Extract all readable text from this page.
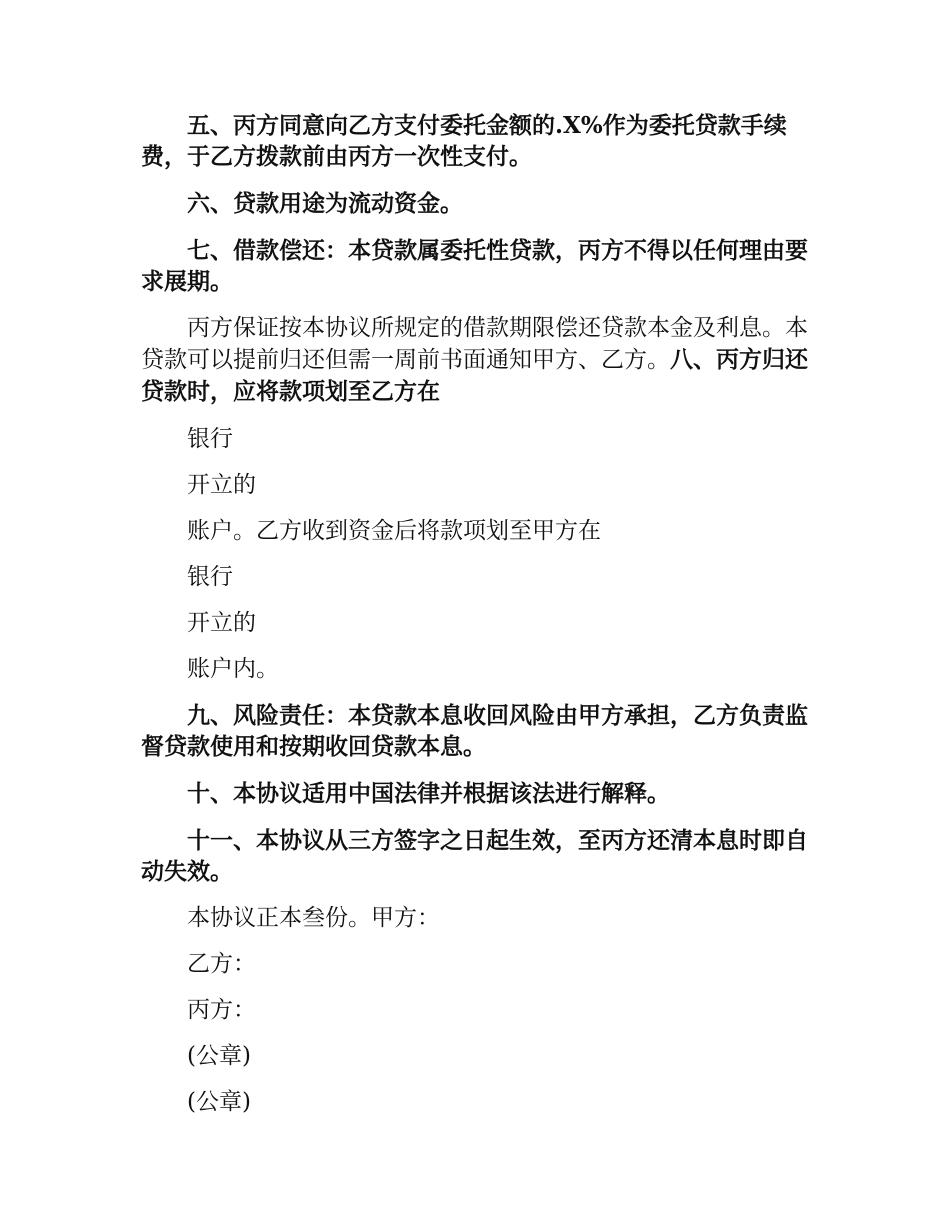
五、丙方同意向乙方支付委托金额的.X%作为委托贷款手续费，于乙方拨款前由丙方一次性支付。

六、贷款用途为流动资金。

七、借款偿还：本贷款属委托性贷款，丙方不得以任何理由要求展期。

丙方保证按本协议所规定的借款期限偿还贷款本金及利息。本贷款可以提前归还但需一周前书面通知甲方、乙方。八、丙方归还贷款时，应将款项划至乙方在

银行

开立的

账户。乙方收到资金后将款项划至甲方在

银行

开立的

账户内。

九、风险责任：本贷款本息收回风险由甲方承担，乙方负责监督贷款使用和按期收回贷款本息。

十、本协议适用中国法律并根据该法进行解释。

十一、本协议从三方签字之日起生效，至丙方还清本息时即自动失效。

本协议正本叁份。甲方：

乙方：

丙方：

(公章)

(公章)
